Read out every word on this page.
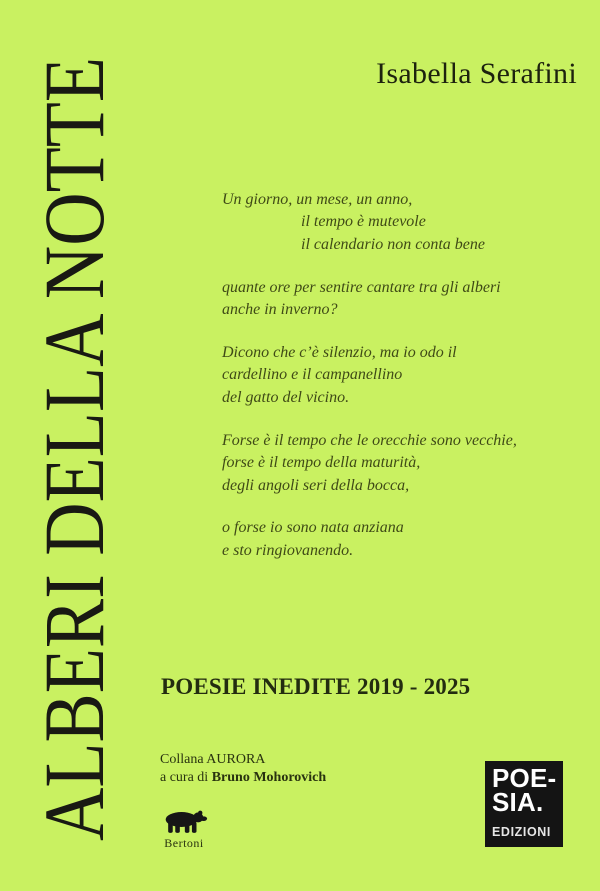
ALBERI DELLA NOTTE	Isabella Serafini
Un giorno, un mese, un anno,
il tempo è mutevole
il calendario non conta bene
quante ore per sentire cantare tra gli alberi
anche in inverno?
Dicono che c’è silenzio, ma io odo il
cardellino e il campanellino
del gatto del vicino.
Forse è il tempo che le orecchie sono vecchie,
forse è il tempo della maturità,
degli angoli seri della bocca,
o forse io sono nata anziana
e sto ringiovanendo.
POESIE INEDITE 2019 - 2025
Collana AURORA
a cura di Bruno Mohorovich
Bertoni
POE-
SIA.
EDIZIONI
